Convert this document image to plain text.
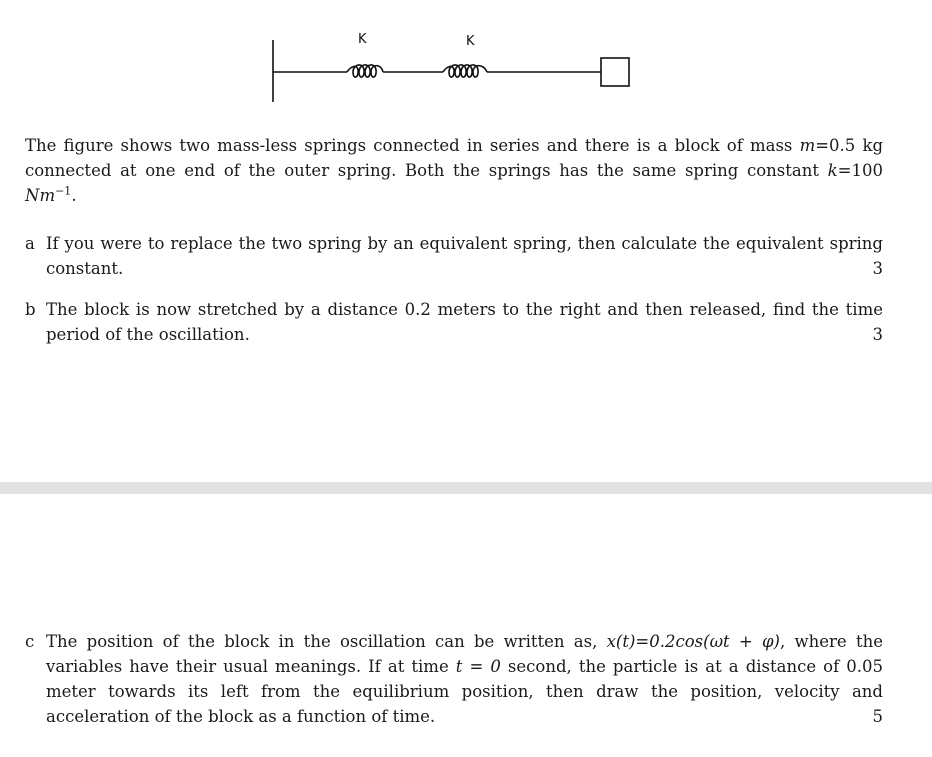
K	K

The figure shows two mass-less springs connected in series and there is a block of mass m=0.5 kg connected at one end of the outer spring. Both the springs has the same spring constant k=100 $Nm^{-1}$.

a If you were to replace the two spring by an equivalent spring, then calculate the equivalent spring constant.	3
b The block is now stretched by a distance 0.2 meters to the right and then released, find the time period of the oscillation.	3
c The position of the block in the oscillation can be written as, x(t)=0.2cos(ωt + φ), where the variables have their usual meanings. If at time t = 0 second, the particle is at a distance of 0.05 meter towards its left from the equilibrium position, then draw the position, velocity and acceleration of the block as a function of time.	5
